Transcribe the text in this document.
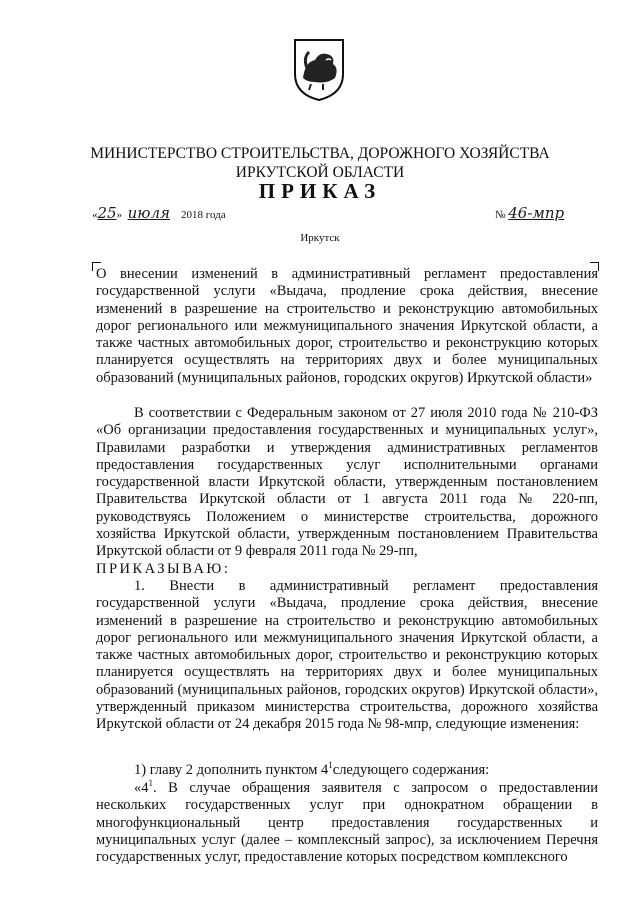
МИНИСТЕРСТВО СТРОИТЕЛЬСТВА, ДОРОЖНОГО ХОЗЯЙСТВА
ИРКУТСКОЙ ОБЛАСТИ
ПРИКАЗ
«25»  июля 2018 года	№ 46-мпр
Иркутск

О внесении изменений в административный регламент предоставления государственной услуги «Выдача, продление срока действия, внесение изменений в разрешение на строительство и реконструкцию автомобильных дорог регионального или межмуниципального значения Иркутской области, а также частных автомобильных дорог, строительство и реконструкцию которых планируется осуществлять на территориях двух и более муниципальных образований (муниципальных районов, городских округов) Иркутской области»

В соответствии с Федеральным законом от 27 июля 2010 года № 210-ФЗ «Об организации предоставления государственных и муниципальных услуг», Правилами разработки и утверждения административных регламентов предоставления государственных услуг исполнительными органами государственной власти Иркутской области, утвержденным постановлением Правительства Иркутской области от 1 августа 2011 года № 220-пп, руководствуясь Положением о министерстве строительства, дорожного хозяйства Иркутской области, утвержденным постановлением Правительства Иркутской области от 9 февраля 2011 года № 29-пп,

ПРИКАЗЫВАЮ:

1. Внести в административный регламент предоставления государственной услуги «Выдача, продление срока действия, внесение изменений в разрешение на строительство и реконструкцию автомобильных дорог регионального или межмуниципального значения Иркутской области, а также частных автомобильных дорог, строительство и реконструкцию которых планируется осуществлять на территориях двух и более муниципальных образований (муниципальных районов, городских округов) Иркутской области», утвержденный приказом министерства строительства, дорожного хозяйства Иркутской области от 24 декабря 2015 года № 98-мпр, следующие изменения:

1) главу 2 дополнить пунктом $4^1следующего$ содержания:

«$4^1$. В случае обращения заявителя с запросом о предоставлении нескольких государственных услуг при однократном обращении в многофункциональный центр предоставления государственных и муниципальных услуг (далее – комплексный запрос), за исключением Перечня государственных услуг, предоставление которых посредством комплексного
